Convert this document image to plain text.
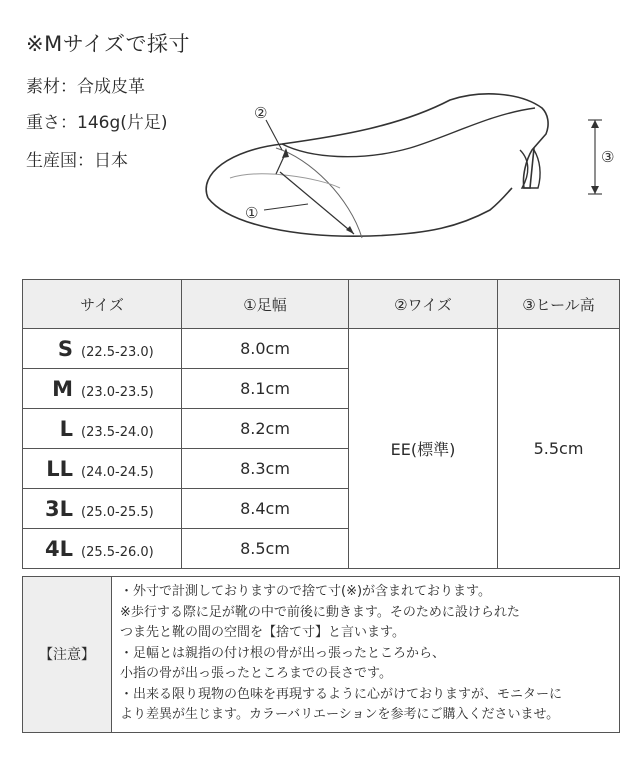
※Mサイズで採寸
素材：合成皮革
重さ：146g(片足)
生産国：日本
②
①
③
サイズ	①足幅	②ワイズ	③ヒール高
S (22.5-23.0)	8.0cm	EE(標準)	5.5cm
M (23.0-23.5)	8.1cm		
L (23.5-24.0)	8.2cm		
LL (24.0-24.5)	8.3cm		
3L (25.0-25.5)	8.4cm		
4L (25.5-26.0)	8.5cm		
【注意】	
・外寸で計測しておりますので捨て寸(※)が含まれております。
※歩行する際に足が靴の中で前後に動きます。そのために設けられた
つま先と靴の間の空間を【捨て寸】と言います。
・足幅とは親指の付け根の骨が出っ張ったところから、
小指の骨が出っ張ったところまでの長さです。
・出来る限り現物の色味を再現するように心がけておりますが、モニターに
より差異が生じます。カラーバリエーションを参考にご購入くださいませ。
